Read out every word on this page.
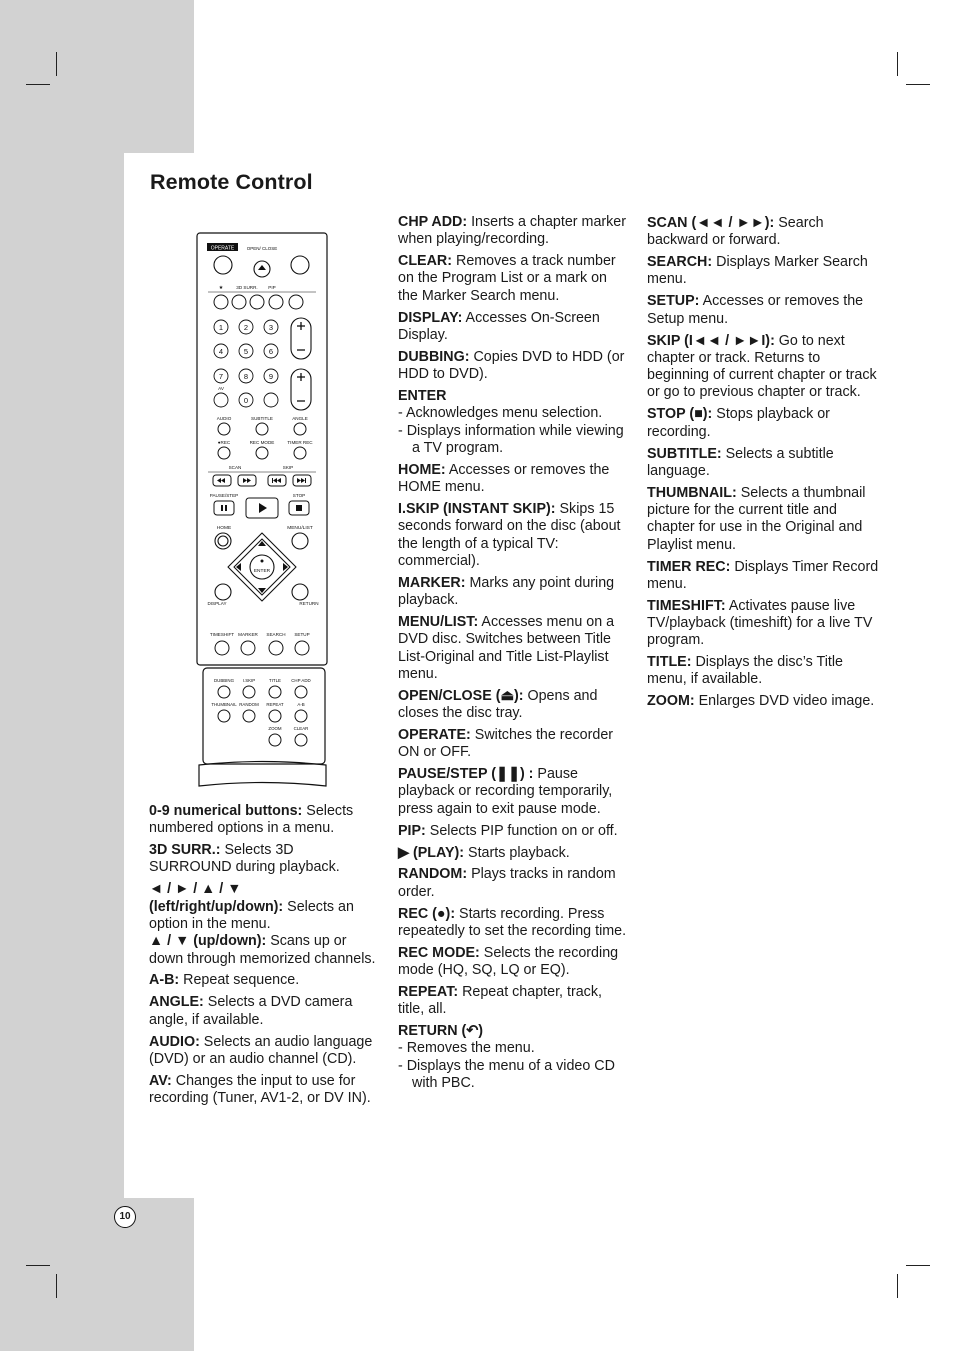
Remote Control
OPERATE	OPEN/ CLOSE
★	3D SURR. PIP
1	2	3
4	5	6
7	8	9
0
AV
AUDIO	SUBTITLE	ANGLE
●REC	REC MODE	TIMER REC
SCAN	SKIP
PAUSE/STEP	STOP
HOME	MENU/LIST
ENTER
DISPLAY	RETURN
TIMESHIFT MARKER SEARCH SETUP
DUBBING I.SKIP	TITLE CHP ADD
THUMBNAIL RANDOM REPEAT	A-B
ZOOM	CLEAR
0-9 numerical buttons: Selects numbered options in a menu.
3D SURR.: Selects 3D SURROUND during playback.
◄ / ► / ▲ / ▼ (left/right/up/down): Selects an option in the menu.
▲ / ▼ (up/down): Scans up or down through memorized channels.
A-B: Repeat sequence.
ANGLE: Selects a DVD camera angle, if available.
AUDIO: Selects an audio language (DVD) or an audio channel (CD).
AV: Changes the input to use for recording (Tuner, AV1-2, or DV IN).
CHP ADD: Inserts a chapter marker when playing/recording.
CLEAR: Removes a track number on the Program List or a mark on the Marker Search menu.
DISPLAY: Accesses On-Screen Display.
DUBBING: Copies DVD to HDD (or HDD to DVD).
ENTER
- Acknowledges menu selection.
- Displays information while viewing a TV program.
HOME: Accesses or removes the HOME menu.
I.SKIP (INSTANT SKIP): Skips 15 seconds forward on the disc (about the length of a typical TV: commercial).
MARKER: Marks any point during playback.
MENU/LIST: Accesses menu on a DVD disc. Switches between Title List-Original and Title List-Playlist menu.
OPEN/CLOSE (⏏): Opens and closes the disc tray.
OPERATE: Switches the recorder ON or OFF.
PAUSE/STEP (❚❚) : Pause playback or recording temporarily, press again to exit pause mode.
PIP: Selects PIP function on or off.
▶ (PLAY): Starts playback.
RANDOM: Plays tracks in random order.
REC (●): Starts recording. Press repeatedly to set the recording time.
REC MODE: Selects the recording mode (HQ, SQ, LQ or EQ).
REPEAT: Repeat chapter, track, title, all.
RETURN (↶)
- Removes the menu.
- Displays the menu of a video CD with PBC.
SCAN (◄◄ / ►►): Search backward or forward.
SEARCH: Displays Marker Search menu.
SETUP: Accesses or removes the Setup menu.
SKIP (I◄◄ / ►►I): Go to next chapter or track. Returns to beginning of current chapter or track or go to previous chapter or track.
STOP (■): Stops playback or recording.
SUBTITLE: Selects a subtitle language.
THUMBNAIL: Selects a thumbnail picture for the current title and chapter for use in the Original and Playlist menu.
TIMER REC: Displays Timer Record menu.
TIMESHIFT: Activates pause live TV/playback (timeshift) for a live TV program.
TITLE: Displays the disc’s Title menu, if available.
ZOOM: Enlarges DVD video image.
10
